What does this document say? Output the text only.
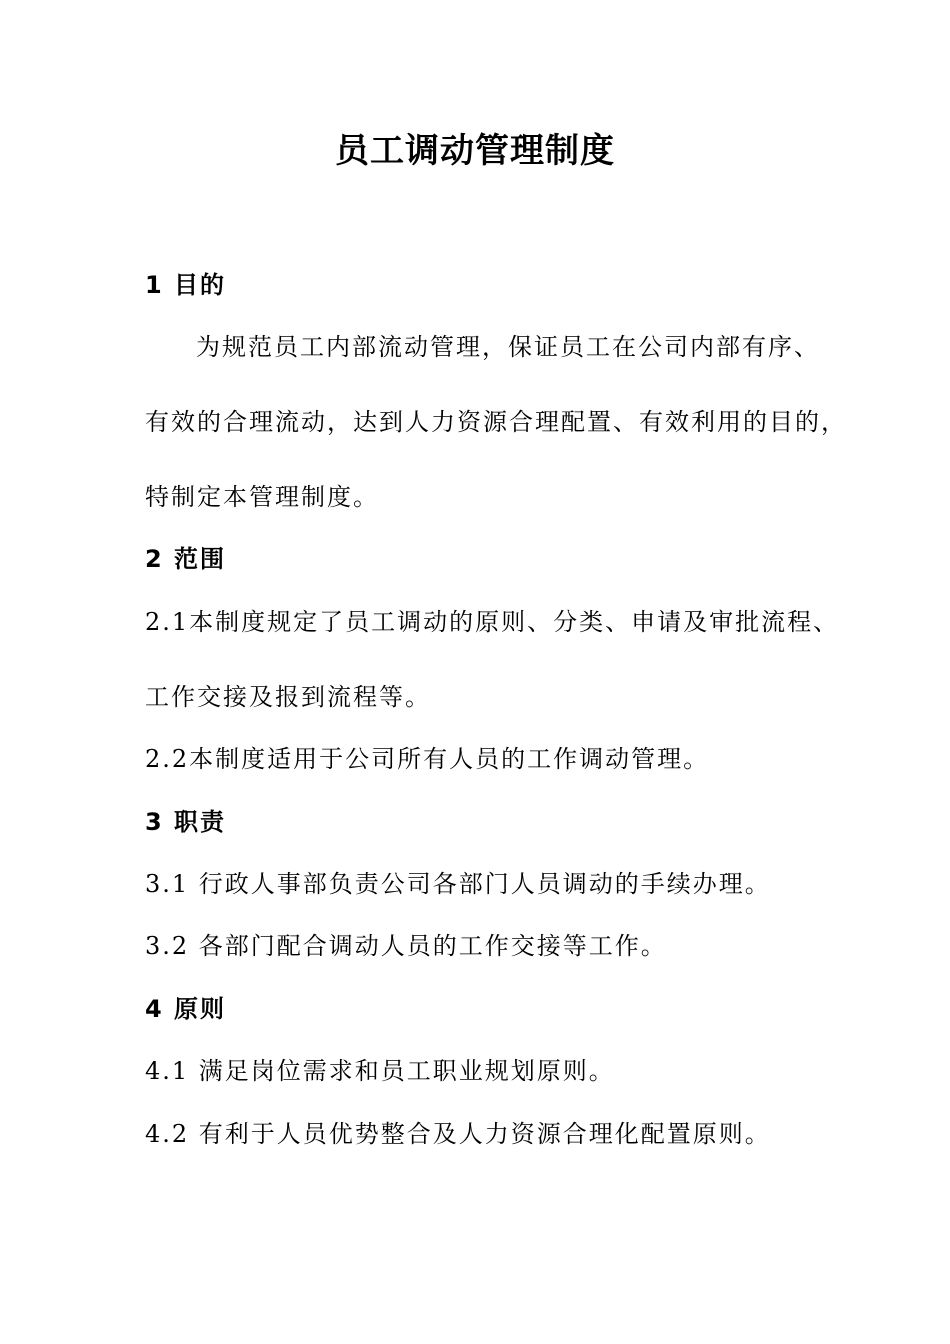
员工调动管理制度
1 目的
为规范员工内部流动管理，保证员工在公司内部有序、
有效的合理流动，达到人力资源合理配置、有效利用的目的，
特制定本管理制度。
2 范围
2.1本制度规定了员工调动的原则、分类、申请及审批流程、
工作交接及报到流程等。
2.2本制度适用于公司所有人员的工作调动管理。
3 职责
3.1 行政人事部负责公司各部门人员调动的手续办理。
3.2 各部门配合调动人员的工作交接等工作。
4 原则
4.1 满足岗位需求和员工职业规划原则。
4.2 有利于人员优势整合及人力资源合理化配置原则。
